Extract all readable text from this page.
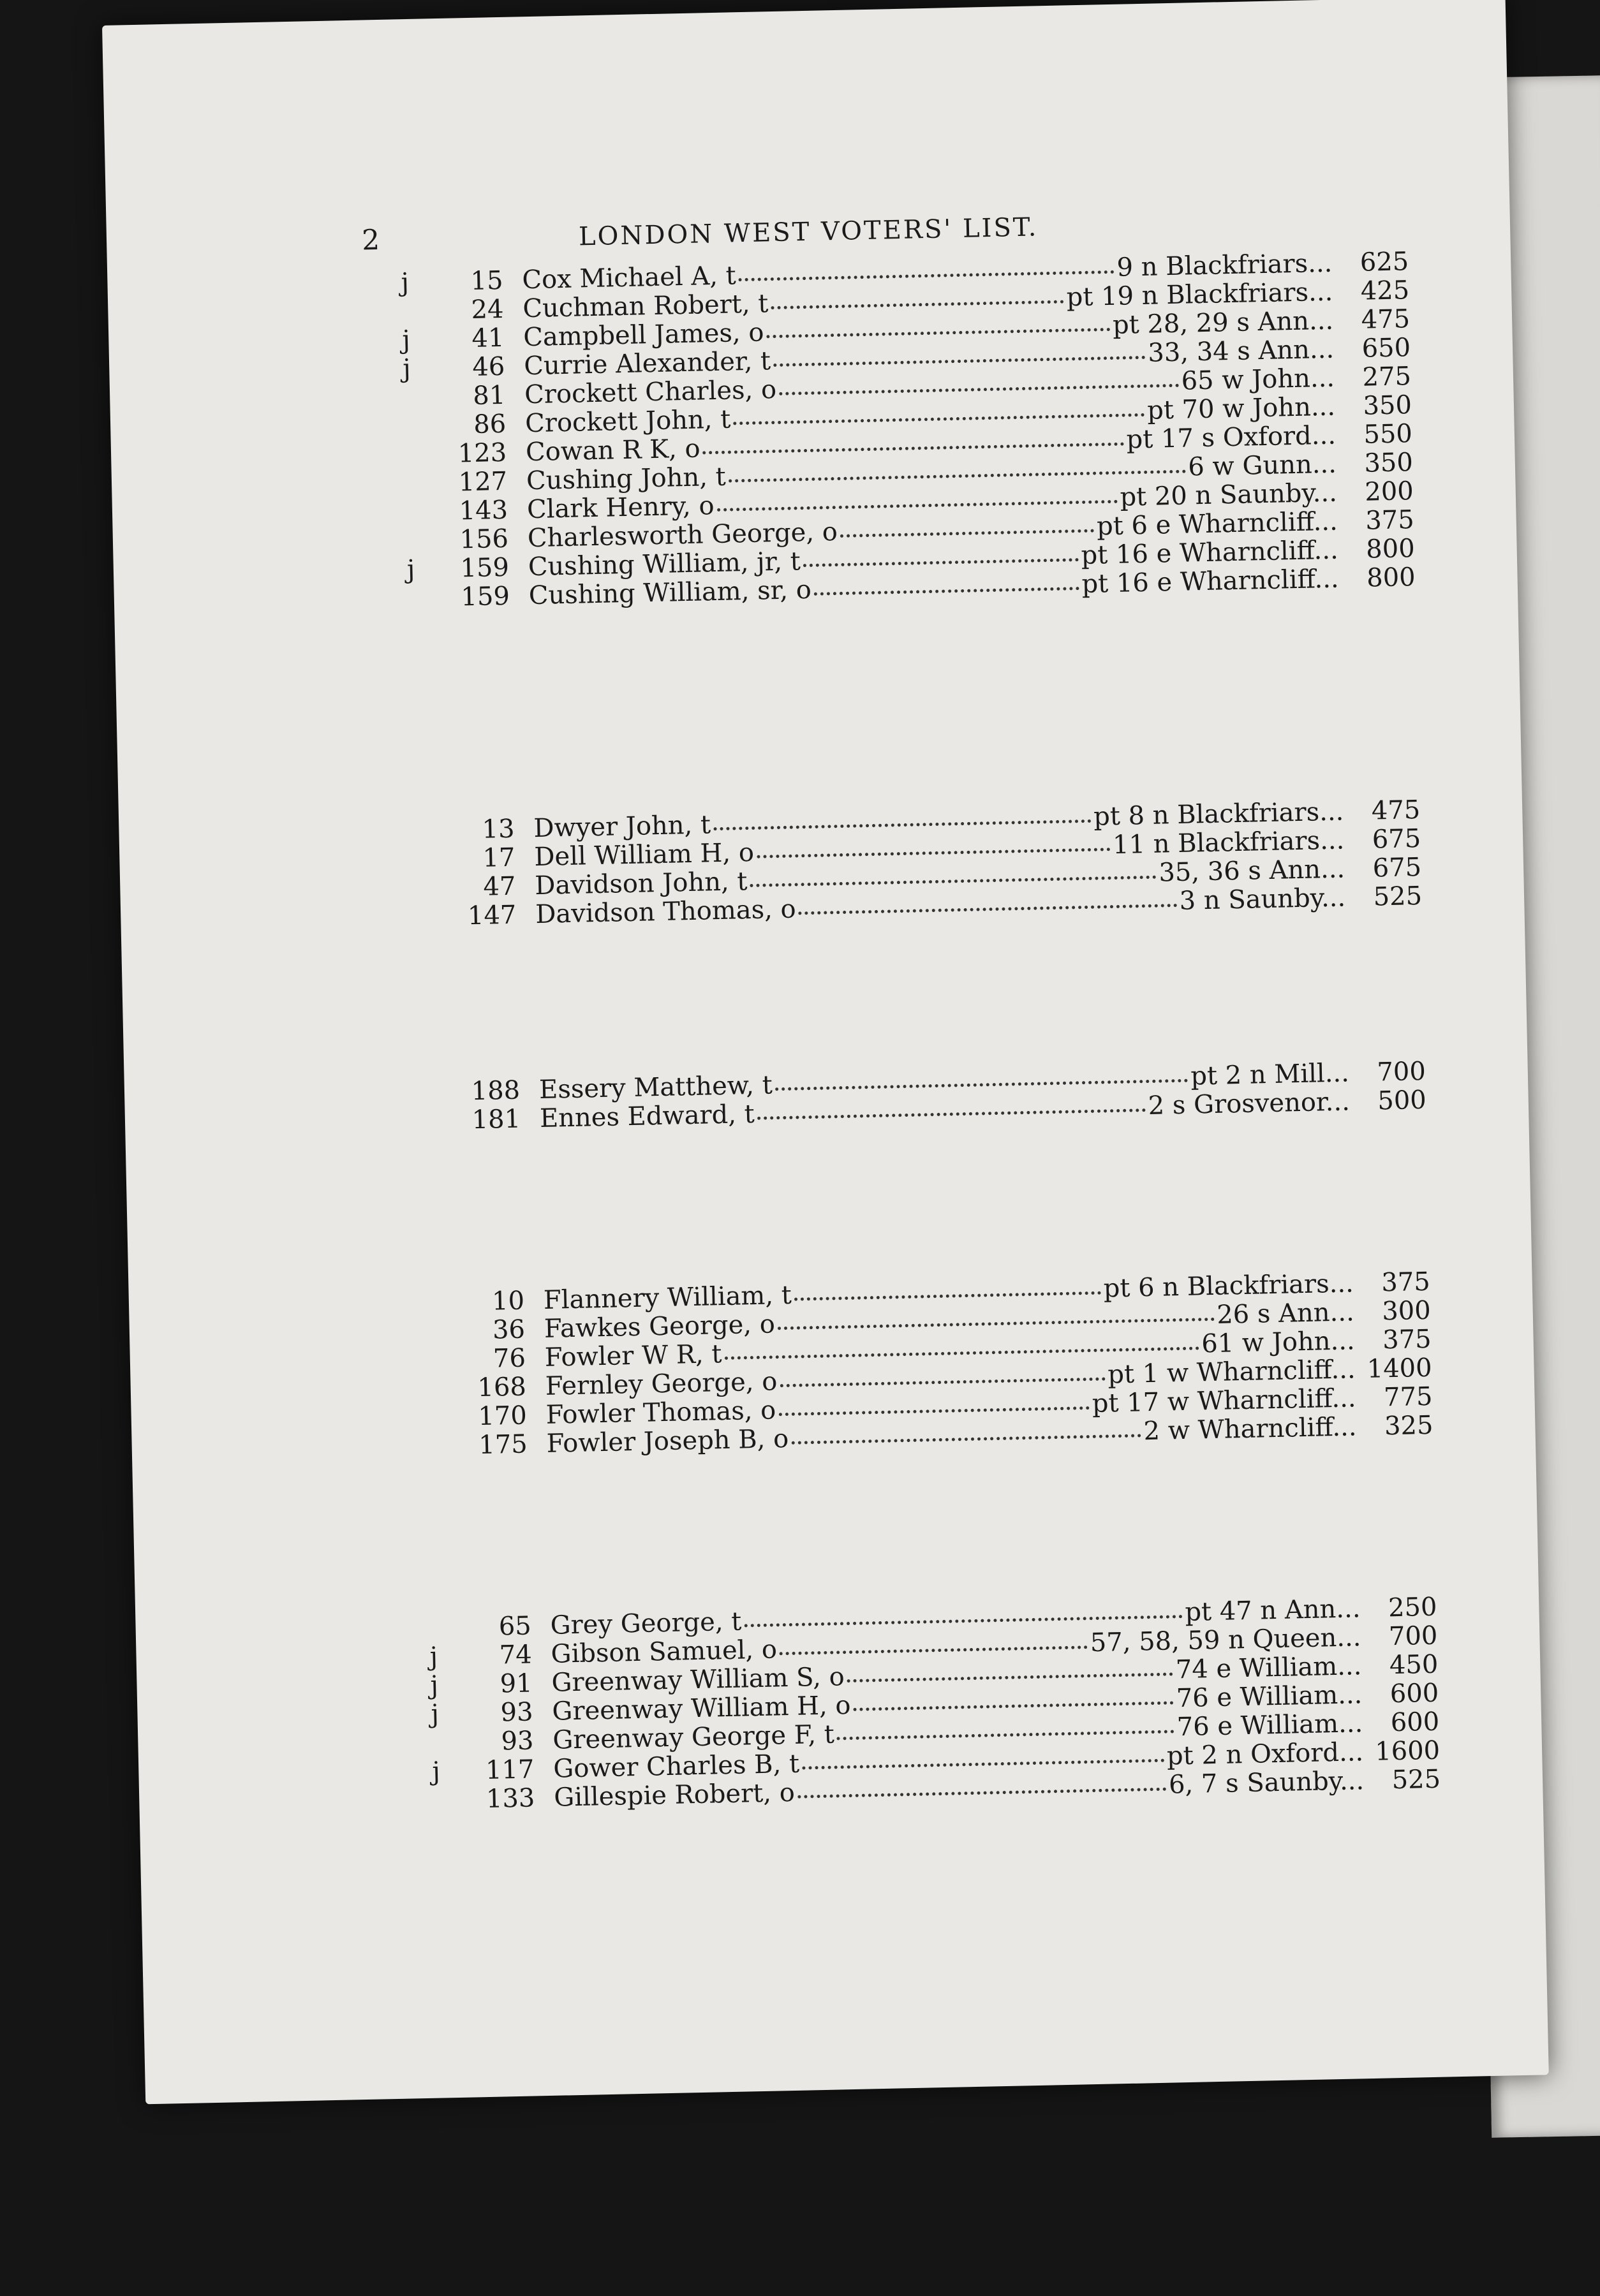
2	LONDON WEST VOTERS' LIST.
j	15 Cox Michael A, t	9 n Blackfriars...	625
24 Cuchman Robert, t	pt 19 n Blackfriars...	425
j	41 Campbell James, o	pt 28, 29 s Ann...	475
j	46 Currie Alexander, t	33, 34 s Ann...	650
81 Crockett Charles, o	65 w John...	275
86 Crockett John, t	pt 70 w John...	350
123 Cowan R K, o	pt 17 s Oxford...	550
127 Cushing John, t	6 w Gunn...	350
143 Clark Henry, o	pt 20 n Saunby...	200
156 Charlesworth George, o	pt 6 e Wharncliff...	375
j	159 Cushing William, jr, t	pt 16 e Wharncliff...	800
159 Cushing William, sr, o	pt 16 e Wharncliff...	800
13 Dwyer John, t	pt 8 n Blackfriars...	475
17 Dell William H, o	11 n Blackfriars...	675
47 Davidson John, t	35, 36 s Ann...	675
147 Davidson Thomas, o	3 n Saunby...	525
188 Essery Matthew, t	pt 2 n Mill...	700
181 Ennes Edward, t	2 s Grosvenor...	500
10 Flannery William, t	pt 6 n Blackfriars...	375
36 Fawkes George, o	26 s Ann...	300
76 Fowler W R, t	61 w John...	375
168 Fernley George, o	pt 1 w Wharncliff... 1400
170 Fowler Thomas, o	pt 17 w Wharncliff...	775
175 Fowler Joseph B, o	2 w Wharncliff...	325
65 Grey George, t	pt 47 n Ann...	250
j	74 Gibson Samuel, o	57, 58, 59 n Queen...	700
j	91 Greenway William S, o	74 e William...	450
j	93 Greenway William H, o	76 e William...	600
93 Greenway George F, t	76 e William...	600
j	117 Gower Charles B, t	pt 2 n Oxford... 1600
133 Gillespie Robert, o	6, 7 s Saunby...	525
